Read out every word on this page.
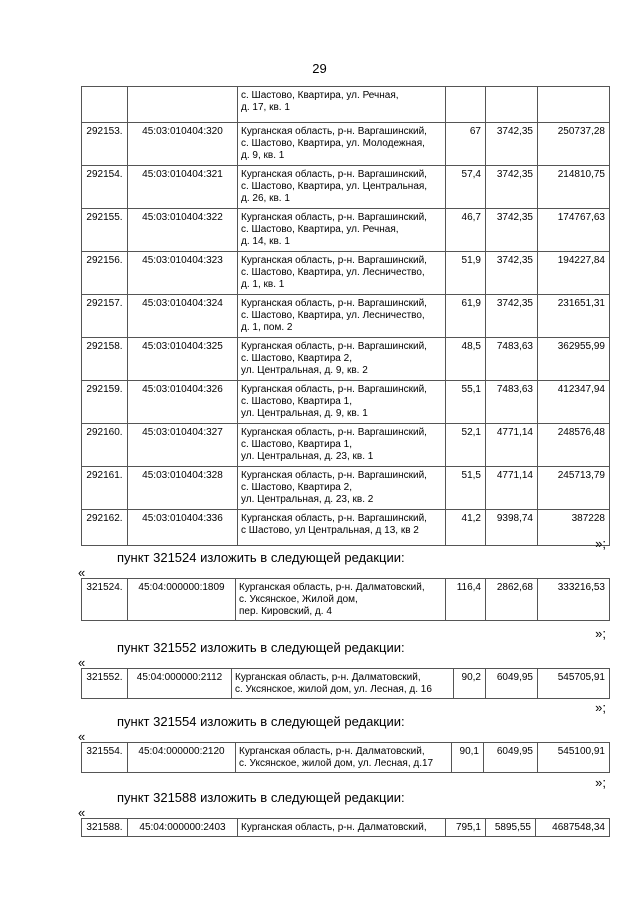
29

		с. Шастово, Квартира, ул. Речная,
д. 17, кв. 1			

292153.	45:03:010404:320	Курганская область, р-н. Варгашинский,
с. Шастово, Квартира, ул. Молодежная,
д. 9, кв. 1	67	3742,35	250737,28
292154.	45:03:010404:321	Курганская область, р-н. Варгашинский,
с. Шастово, Квартира, ул. Центральная,
д. 26, кв. 1	57,4	3742,35	214810,75
292155.	45:03:010404:322	Курганская область, р-н. Варгашинский,
с. Шастово, Квартира, ул. Речная,
д. 14, кв. 1	46,7	3742,35	174767,63
292156.	45:03:010404:323	Курганская область, р-н. Варгашинский,
с. Шастово, Квартира, ул. Лесничество,
д. 1, кв. 1	51,9	3742,35	194227,84
292157.	45:03:010404:324	Курганская область, р-н. Варгашинский,
с. Шастово, Квартира, ул. Лесничество,
д. 1, пом. 2	61,9	3742,35	231651,31
292158.	45:03:010404:325	Курганская область, р-н. Варгашинский,
с. Шастово, Квартира 2,
ул. Центральная, д. 9, кв. 2	48,5	7483,63	362955,99
292159.	45:03:010404:326	Курганская область, р-н. Варгашинский,
с. Шастово, Квартира 1,
ул. Центральная, д. 9, кв. 1	55,1	7483,63	412347,94
292160.	45:03:010404:327	Курганская область, р-н. Варгашинский,
с. Шастово, Квартира 1,
ул. Центральная, д. 23, кв. 1	52,1	4771,14	248576,48
292161.	45:03:010404:328	Курганская область, р-н. Варгашинский,
с. Шастово, Квартира 2,
ул. Центральная, д. 23, кв. 2	51,5	4771,14	245713,79
292162.	45:03:010404:336	Курганская область, р-н. Варгашинский,
с Шастово, ул Центральная, д 13, кв 2	41,2	9398,74	387228
»;
пункт 321524 изложить в следующей редакции:
«
321524.	45:04:000000:1809	Курганская область, р-н. Далматовский,
с. Уксянское, Жилой дом,
пер. Кировский, д. 4
	116,4	2862,68	333216,53
»;
пункт 321552 изложить в следующей редакции:
«
321552.	45:04:000000:2112	Курганская область, р-н. Далматовский,
с. Уксянское, жилой дом, ул. Лесная, д. 16
	90,2	6049,95	545705,91
»;
пункт 321554 изложить в следующей редакции:
«
321554.	45:04:000000:2120	Курганская область, р-н. Далматовский,
с. Уксянское, жилой дом, ул. Лесная, д.17
	90,1	6049,95	545100,91
»;
пункт 321588 изложить в следующей редакции:
«
321588.	45:04:000000:2403	Курганская область, р-н. Далматовский,	795,1	5895,55	4687548,34
